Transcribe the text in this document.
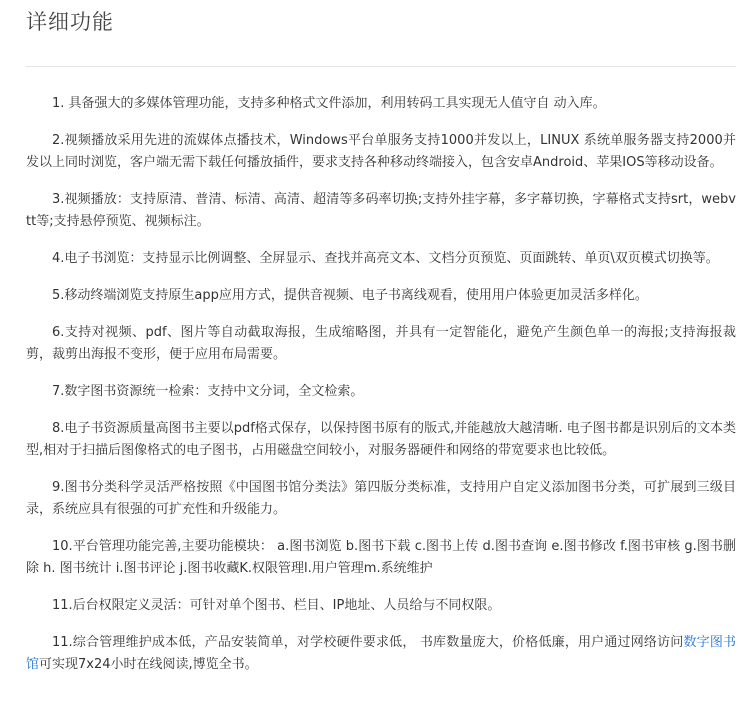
详细功能

1. 具备强大的多媒体管理功能，支持多种格式文件添加，利用转码工具实现无人值守自 动入库。

2.视频播放采用先进的流媒体点播技术，Windows平台单服务支持1000并发以上，LINUX 系统单服务器支持2000并发以上同时浏览，客户端无需下载任何播放插件，要求支持各种移动终端接入，包含安卓Android、苹果IOS等移动设备。

3.视频播放：支持原清、普清、标清、高清、超清等多码率切换;支持外挂字幕，多字幕切换，字幕格式支持srt，webvtt等;支持悬停预览、视频标注。

4.电子书浏览：支持显示比例调整、全屏显示、查找并高亮文本、文档分页预览、页面跳转、单页\双页模式切换等。

5.移动终端浏览支持原生app应用方式，提供音视频、电子书离线观看，使用用户体验更加灵活多样化。

6.支持对视频、pdf、图片等自动截取海报，生成缩略图，并具有一定智能化，避免产生颜色单一的海报;支持海报裁剪，裁剪出海报不变形，便于应用布局需要。

7.数字图书资源统一检索：支持中文分词，全文检索。

8.电子书资源质量高图书主要以pdf格式保存，以保持图书原有的版式,并能越放大越清晰. 电子图书都是识别后的文本类型,相对于扫描后图像格式的电子图书，占用磁盘空间较小，对服务器硬件和网络的带宽要求也比较低。

9.图书分类科学灵活严格按照《中国图书馆分类法》第四版分类标准，支持用户自定义添加图书分类，可扩展到三级目录，系统应具有很强的可扩充性和升级能力。

10.平台管理功能完善,主要功能模块： a.图书浏览 b.图书下载 c.图书上传 d.图书查询 e.图书修改 f.图书审核 g.图书删除 h. 图书统计 i.图书评论 j.图书收藏K.权限管理l.用户管理m.系统维护

11.后台权限定义灵活：可针对单个图书、栏目、IP地址、人员给与不同权限。

11.综合管理维护成本低，产品安装简单，对学校硬件要求低， 书库数量庞大，价格低廉，用户通过网络访问数字图书馆可实现7x24小时在线阅读,博览全书。
